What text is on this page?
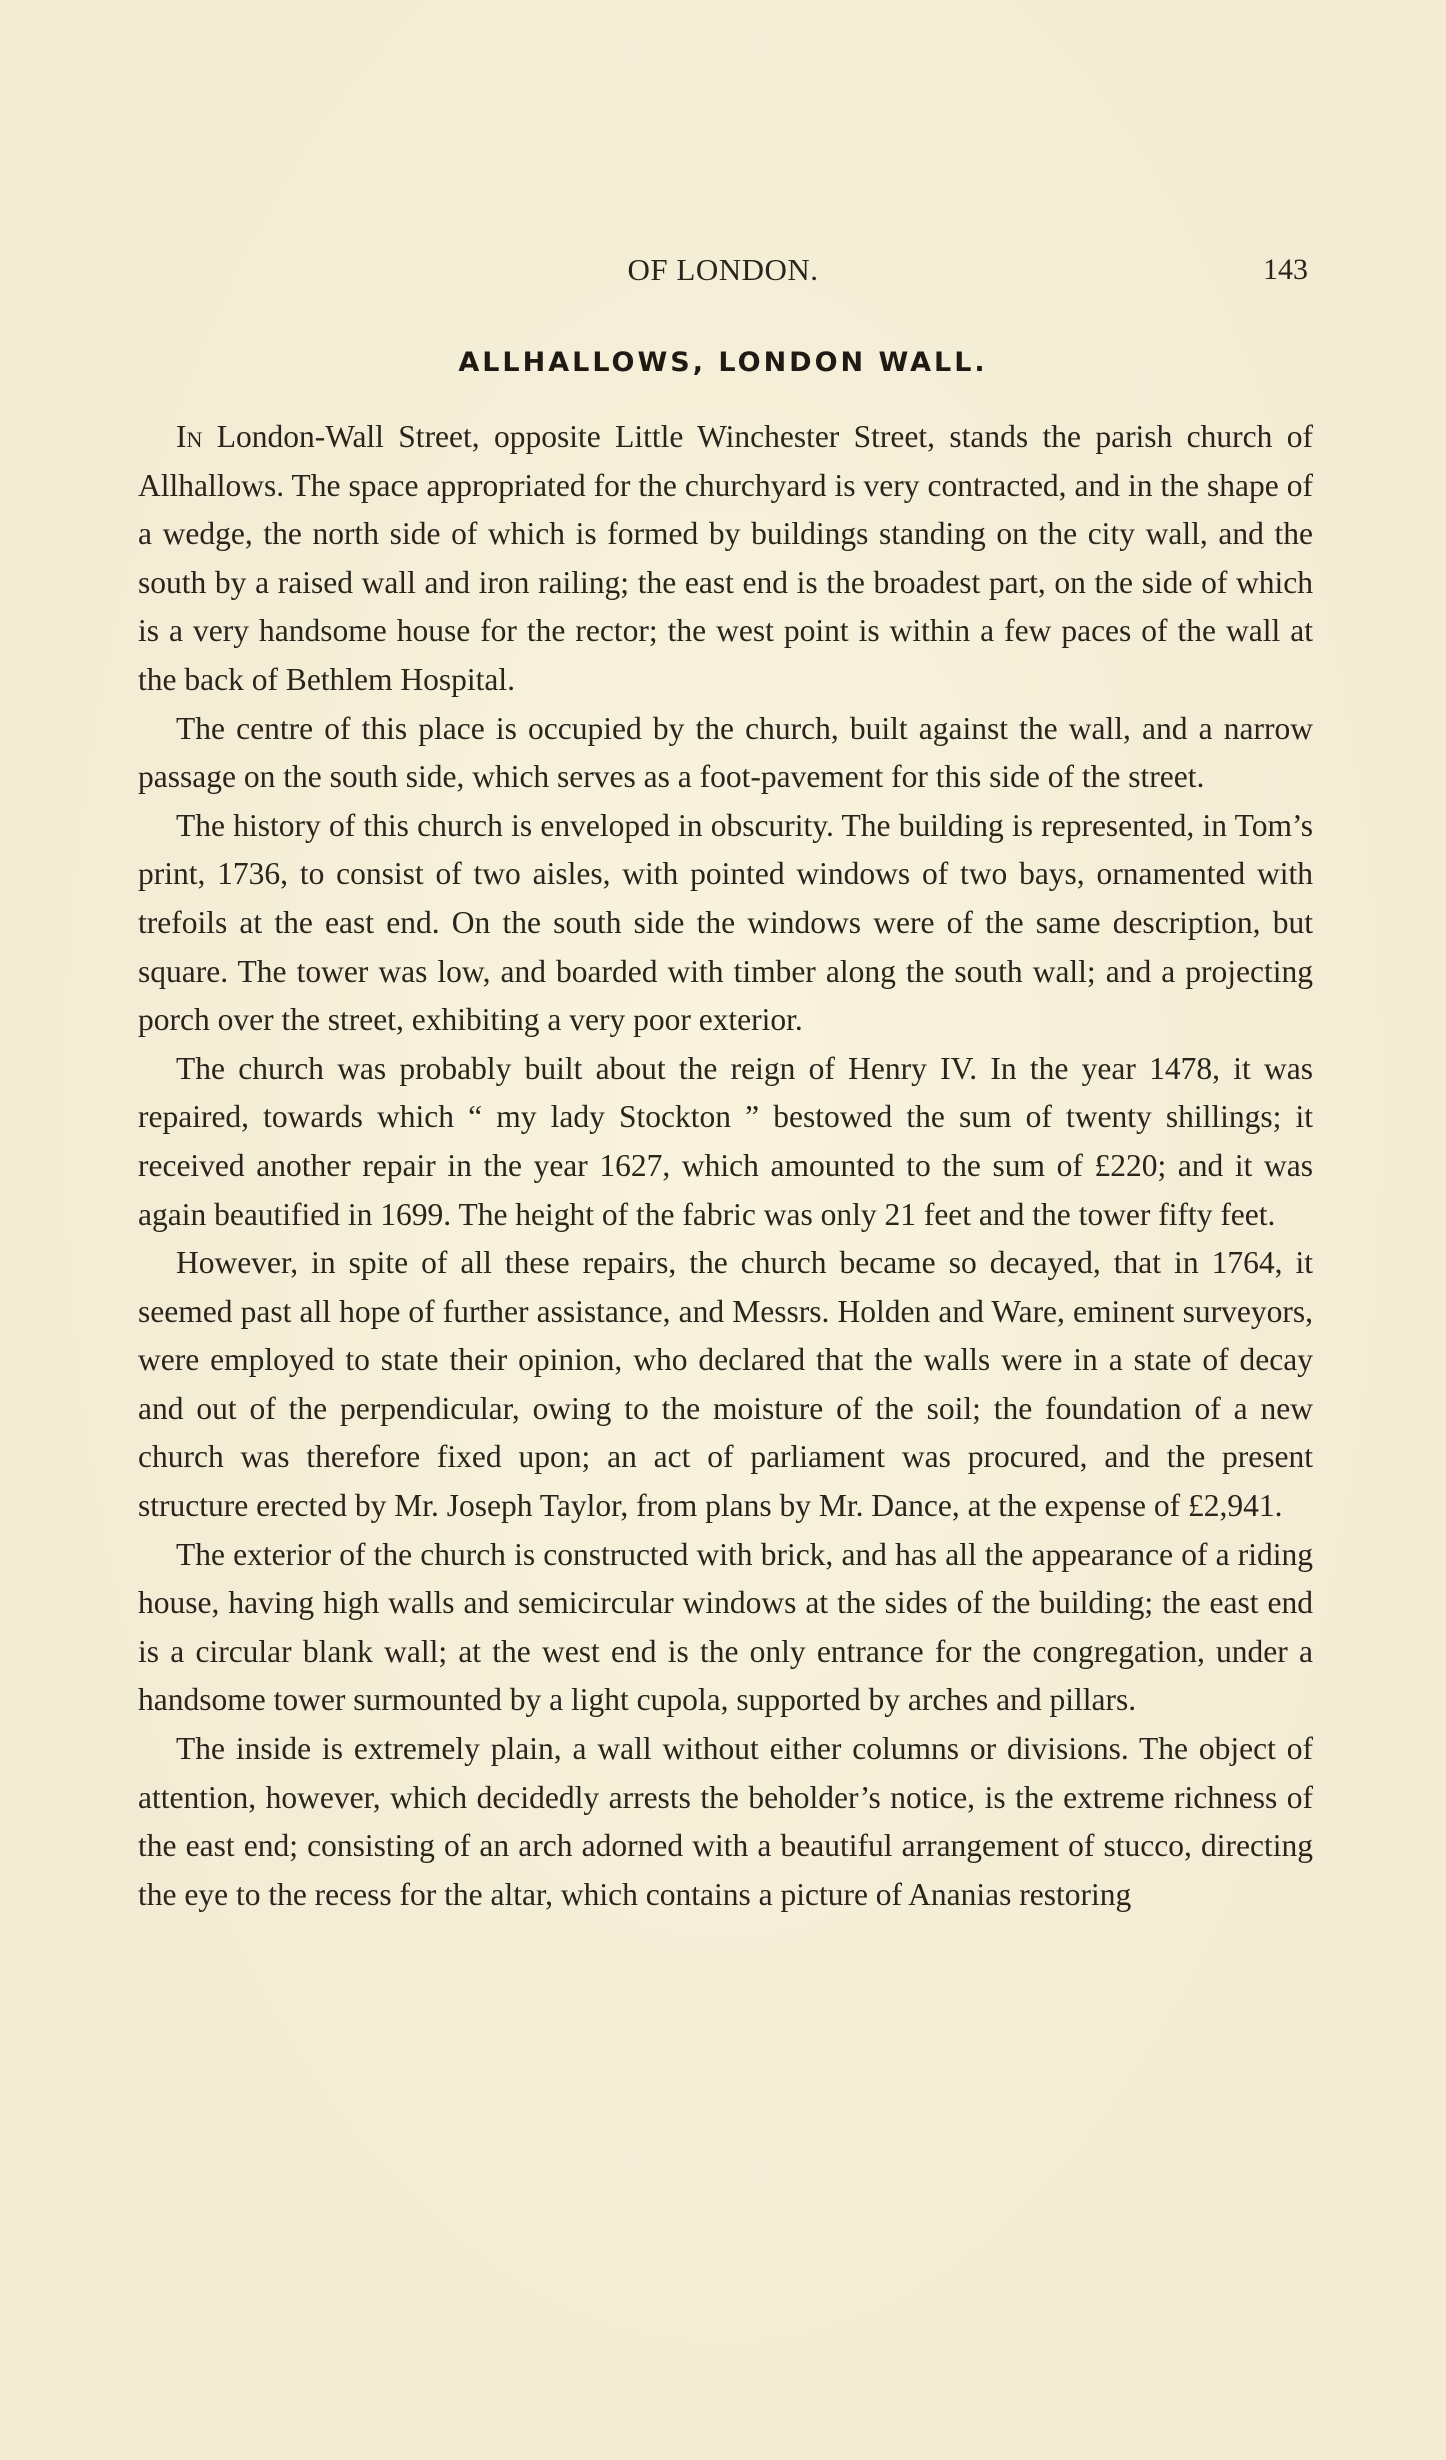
OF LONDON.	143
ALLHALLOWS, LONDON WALL.

In London-Wall Street, opposite Little Winchester Street, stands the parish church of Allhallows. The space appropriated for the churchyard is very contracted, and in the shape of a wedge, the north side of which is formed by buildings standing on the city wall, and the south by a raised wall and iron railing; the east end is the broadest part, on the side of which is a very handsome house for the rector; the west point is within a few paces of the wall at the back of Bethlem Hospital.

The centre of this place is occupied by the church, built against the wall, and a narrow passage on the south side, which serves as a foot-pavement for this side of the street.

The history of this church is enveloped in obscurity. The building is represented, in Tom’s print, 1736, to consist of two aisles, with pointed windows of two bays, ornamented with trefoils at the east end. On the south side the windows were of the same description, but square. The tower was low, and boarded with timber along the south wall; and a projecting porch over the street, exhibiting a very poor exterior.

The church was probably built about the reign of Henry IV. In the year 1478, it was repaired, towards which “ my lady Stockton ” bestowed the sum of twenty shillings; it received another repair in the year 1627, which amounted to the sum of £220; and it was again beautified in 1699. The height of the fabric was only 21 feet and the tower fifty feet.

However, in spite of all these repairs, the church became so decayed, that in 1764, it seemed past all hope of further assistance, and Messrs. Holden and Ware, eminent surveyors, were employed to state their opinion, who declared that the walls were in a state of decay and out of the perpendicular, owing to the moisture of the soil; the foundation of a new church was therefore fixed upon; an act of parliament was procured, and the present structure erected by Mr. Joseph Taylor, from plans by Mr. Dance, at the expense of £2,941.

The exterior of the church is constructed with brick, and has all the appearance of a riding house, having high walls and semicircular windows at the sides of the building; the east end is a circular blank wall; at the west end is the only entrance for the congregation, under a handsome tower surmounted by a light cupola, supported by arches and pillars.

The inside is extremely plain, a wall without either columns or divisions. The object of attention, however, which decidedly arrests the beholder’s notice, is the extreme richness of the east end; consisting of an arch adorned with a beautiful arrangement of stucco, directing the eye to the recess for the altar, which contains a picture of Ananias restoring
